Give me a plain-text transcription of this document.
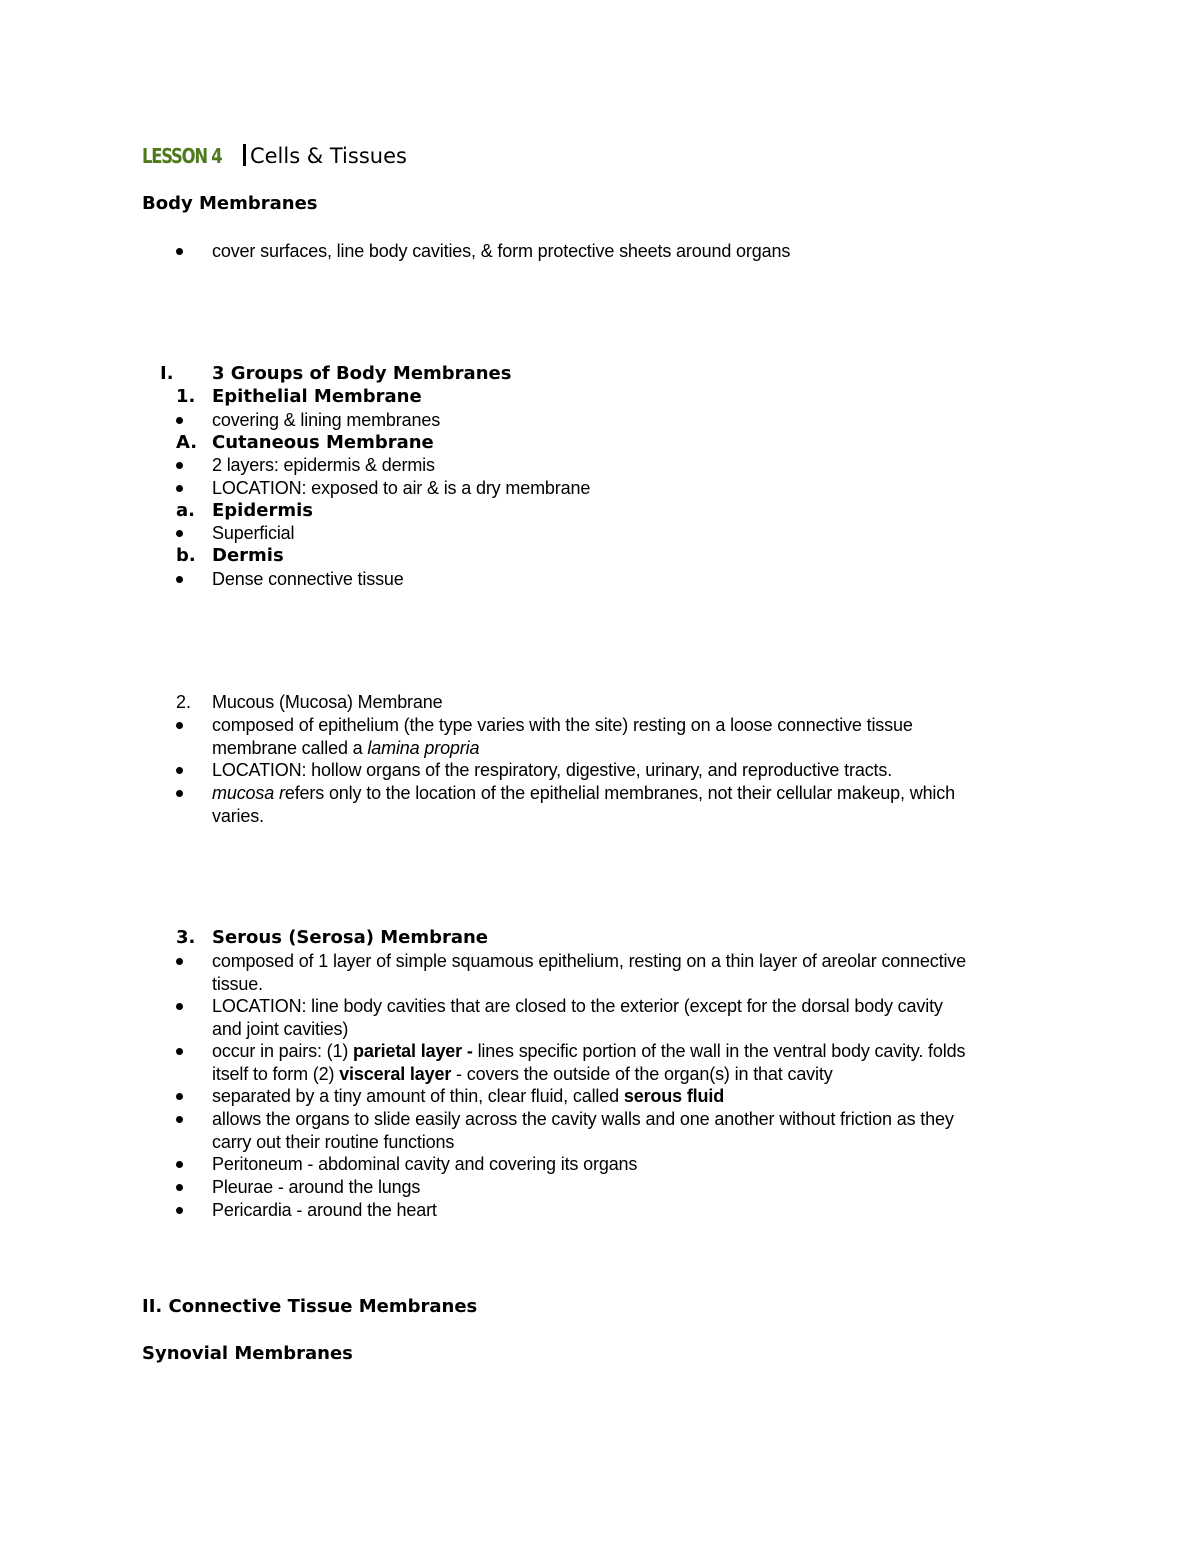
LESSON 4 Cells & Tissues
Body Membranes
cover surfaces, line body cavities, & form protective sheets around organs
I. 3 Groups of Body Membranes
1. Epithelial Membrane
covering & lining membranes
A. Cutaneous Membrane
2 layers: epidermis & dermis
LOCATION: exposed to air & is a dry membrane
a. Epidermis
Superficial
b. Dermis
Dense connective tissue
2. Mucous (Mucosa) Membrane
composed of epithelium (the type varies with the site) resting on a loose connective tissue
membrane called a lamina propria
LOCATION: hollow organs of the respiratory, digestive, urinary, and reproductive tracts.
mucosa refers only to the location of the epithelial membranes, not their cellular makeup, which
varies.
3. Serous (Serosa) Membrane
composed of 1 layer of simple squamous epithelium, resting on a thin layer of areolar connective
tissue.
LOCATION: line body cavities that are closed to the exterior (except for the dorsal body cavity
and joint cavities)
occur in pairs: (1) parietal layer - lines specific portion of the wall in the ventral body cavity. folds
itself to form (2) visceral layer - covers the outside of the organ(s) in that cavity
separated by a tiny amount of thin, clear fluid, called serous fluid
allows the organs to slide easily across the cavity walls and one another without friction as they
carry out their routine functions
Peritoneum - abdominal cavity and covering its organs
Pleurae - around the lungs
Pericardia - around the heart
II. Connective Tissue Membranes
Synovial Membranes
